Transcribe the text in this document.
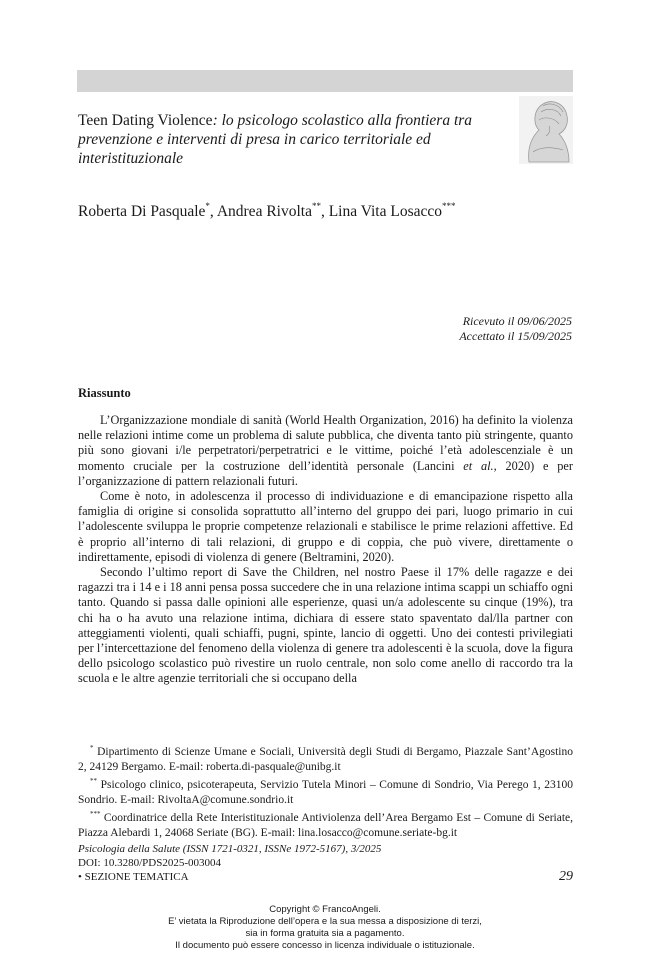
Teen Dating Violence: lo psicologo scolastico alla frontiera tra prevenzione e interventi di presa in carico territoriale ed interistituzionale
Roberta Di Pasquale*, Andrea Rivolta**, Lina Vita Losacco***
Ricevuto il 09/06/2025
Accettato il 15/09/2025
Riassunto

L’Organizzazione mondiale di sanità (World Health Organization, 2016) ha definito la violenza nelle relazioni intime come un problema di salute pubblica, che diventa tanto più stringente, quanto più sono giovani i/le perpetratori/perpetratrici e le vittime, poiché l’età adolescenziale è un momento cruciale per la costruzione dell’identità personale (Lancini et al., 2020) e per l’organizzazione di pattern relazionali futuri.

Come è noto, in adolescenza il processo di individuazione e di emancipazione rispetto alla famiglia di origine si consolida soprattutto all’interno del gruppo dei pari, luogo primario in cui l’adolescente sviluppa le proprie competenze relazionali e stabilisce le prime relazioni affettive. Ed è proprio all’interno di tali relazioni, di gruppo e di coppia, che può vivere, direttamente o indirettamente, episodi di violenza di genere (Beltramini, 2020).

Secondo l’ultimo report di Save the Children, nel nostro Paese il 17% delle ragazze e dei ragazzi tra i 14 e i 18 anni pensa possa succedere che in una relazione intima scappi un schiaffo ogni tanto. Quando si passa dalle opinioni alle esperienze, quasi un/a adolescente su cinque (19%), tra chi ha o ha avuto una relazione intima, dichiara di essere stato spaventato dal/lla partner con atteggiamenti violenti, quali schiaffi, pugni, spinte, lancio di oggetti. Uno dei contesti privilegiati per l’intercettazione del fenomeno della violenza di genere tra adolescenti è la scuola, dove la figura dello psicologo scolastico può rivestire un ruolo centrale, non solo come anello di raccordo tra la scuola e le altre agenzie territoriali che si occupano della

* Dipartimento di Scienze Umane e Sociali, Università degli Studi di Bergamo, Piazzale Sant’Agostino 2, 24129 Bergamo. E-mail: roberta.di-pasquale@unibg.it

** Psicologo clinico, psicoterapeuta, Servizio Tutela Minori – Comune di Sondrio, Via Perego 1, 23100 Sondrio. E-mail: RivoltaA@comune.sondrio.it

*** Coordinatrice della Rete Interistituzionale Antiviolenza dell’Area Bergamo Est – Comune di Seriate, Piazza Alebardi 1, 24068 Seriate (BG). E-mail: lina.losacco@comune.seriate-bg.it

Psicologia della Salute (ISSN 1721-0321, ISSNe 1972-5167), 3/2025
DOI: 10.3280/PDS2025-003004
• SEZIONE TEMATICA	29
Copyright © FrancoAngeli.
E’ vietata la Riproduzione dell’opera e la sua messa a disposizione di terzi,
sia in forma gratuita sia a pagamento.
Il documento può essere concesso in licenza individuale o istituzionale.
